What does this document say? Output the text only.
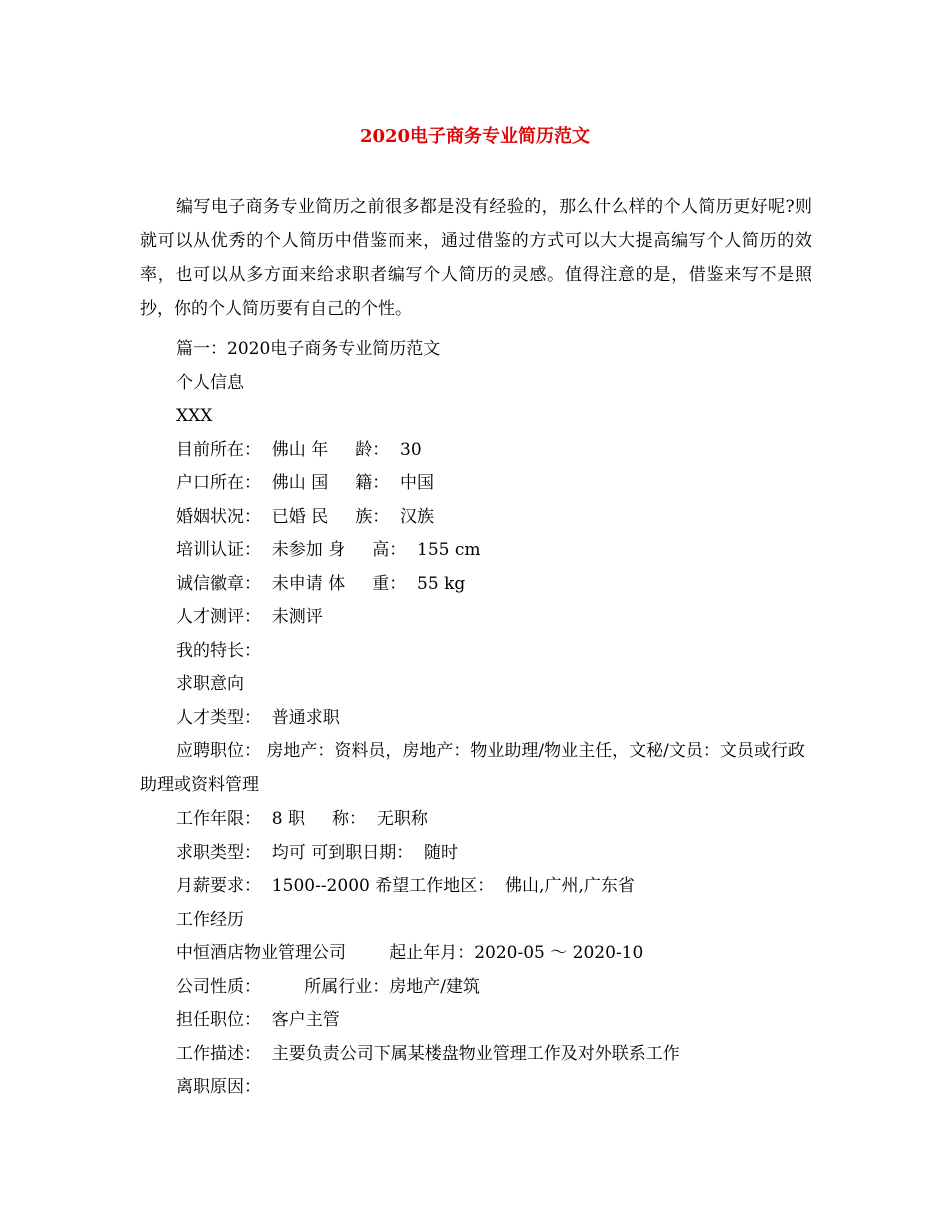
2020电子商务专业简历范文
编写电子商务专业简历之前很多都是没有经验的，那么什么样的个人简历更好呢?则就可以从优秀的个人简历中借鉴而来，通过借鉴的方式可以大大提高编写个人简历的效率，也可以从多方面来给求职者编写个人简历的灵感。值得注意的是，借鉴来写不是照抄，你的个人简历要有自己的个性。
篇一：2020电子商务专业简历范文
个人信息
XXX
目前所在：  佛山 年     龄：  30
户口所在：  佛山 国     籍：  中国
婚姻状况：  已婚 民     族：  汉族
培训认证：  未参加 身     高：  155 cm
诚信徽章：  未申请 体     重：  55 kg
人才测评：  未测评
我的特长：
求职意向
人才类型：  普通求职
应聘职位： 房地产：资料员，房地产：物业助理/物业主任，文秘/文员：文员或行政助理或资料管理
工作年限：  8 职     称：  无职称
求职类型：  均可 可到职日期：  随时
月薪要求：  1500--2000 希望工作地区：  佛山,广州,广东省
工作经历
中恒酒店物业管理公司        起止年月：2020-05 ～ 2020-10
公司性质：        所属行业：房地产/建筑
担任职位：  客户主管
工作描述：  主要负责公司下属某楼盘物业管理工作及对外联系工作
离职原因：
